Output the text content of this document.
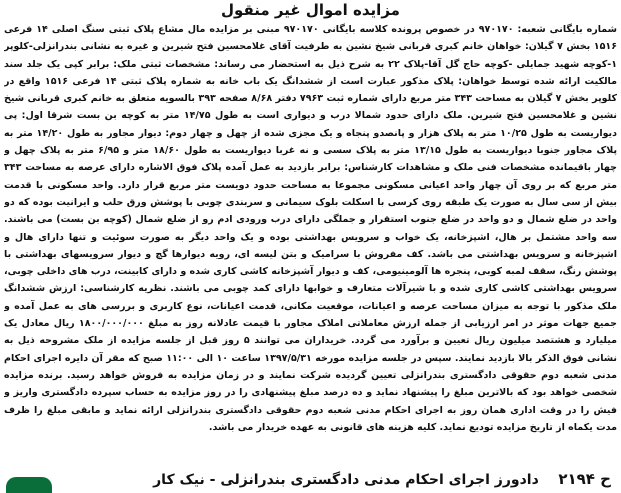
مزایده اموال غیر منقول

شماره بایگانی شعبه: ۹۷۰۱۷۰ در خصوص پرونده کلاسه بایگانی ۹۷۰۱۷۰ مبنی بر مزایده مال مشاع پلاک ثبتی سنگ اصلی ۱۴ فرعی ۱۵۱۶ بخش ۷ گیلان: خواهان خانم کبری قربانی شیخ نشین به طرفیت آقای غلامحسین فتح شیرین و غیره به نشانی بندرانزلی-کلوپر ۱-کوچه شهید جمایلی -کوچه حاج گل آقا-پلاک ۲۲ به شرح ذیل به استحضار می رساند: مشخصات ثبتی ملک: برابر کپی یک جلد سند مالکیت ارائه شده توسط خواهان: پلاک مذکور عبارت است از ششدانگ یک باب خانه به شماره پلاک ثبتی ۱۴ فرعی ۱۵۱۶ واقع در کلوپر بخش ۷ گیلان به مساحت ۳۴۳ متر مربع دارای شماره ثبت ۷۹۶۳ دفتر ۸/۶۸ صفحه ۳۹۳ بالسویه متعلق به خانم کبری قربانی شیخ نشین و غلامحسین فتح شیرین. ملک دارای حدود شمالا درب و دیواری است به طول ۱۴/۷۵ متر به کوچه بن بست شرقا اول: پی دیواریست به طول ۱۰/۲۵ متر به پلاک هزار و پانصدو پنجاه و یک مجزی شده از چهل و چهار دوم: دیوار مجاور به طول ۱۴/۲۰ متر به پلاک مجاور جنوبا دیواریست به طول ۱۳/۱۵ متر به پلاک سسی و نه غربا دیواریست به طول ۱۸/۶۰ متر و ۶/۹۵ متر به پلاک چهل و چهار باقیمانده مشخصات فنی ملک و مشاهدات کارشناس: برابر بازدید به عمل آمده پلاک فوق الاشاره دارای عرصه به مساحت ۳۴۳ متر مربع که بر روی آن چهار واحد اعیانی مسکونی مجموعا به مساحت حدود دویست متر مربع قرار دارد. واحد مسکونی با قدمت بیش از سی سال به صورت یک طبقه روی کرسی با اسکلت بلوک سیمانی و سربندی چوبی با پوشش ورق حلب و ایرانیت بوده که دو واحد در ضلع شمال و دو واحد در ضلع جنوب استقرار و جملگی دارای درب ورودی ادم رو از ضلع شمال (کوچه بن بست) می باشند. سه واحد مشتمل بر هال، اشپزخانه، یک خواب و سرویس بهداشتی بوده و یک واحد دیگر به صورت سوئیت و تنها دارای هال و اشپزخانه و سرویس بهداشتی می باشد. کف مفروش با سرامیک و بتن لیسه ای، رویه دیوارها گچ و دیوار سرویسهای بهداشتی با پوشش رنگ، سقف لمبه کوبی، پنجره ها آلومینیومی، کف و دیوار آشپزخانه کاشی کاری شده و دارای کابینت، درب های داخلی چوبی، سرویس بهداشتی کاشی کاری شده و با شیرآلات متعارف و خوابها دارای کمد چوبی می باشند. نظریه کارشناسی: ارزش ششدانگ ملک مذکور با توجه به میزان مساحت عرصه و اعیانات، موقعیت مکانی، قدمت اعیانات، نوع کاربری و بررسی های به عمل آمده و جمیع جهات موثر در امر ارزیابی از جمله ارزش معاملاتی املاک مجاور با قیمت عادلانه روز به مبلغ ۱۸۰۰/۰۰۰/۰۰۰ ریال معادل یک میلیارد و هشتصد میلیون ریال تعیین و برآورد می گردد. خریداران می توانند ۵ روز قبل از جلسه مزایده از ملک مشروحه ذیل به نشانی فوق الذکر بالا بازدید نمایند. سپس در جلسه مزایده مورخه ۱۳۹۷/۵/۳۱ ساعت ۱۰ الی ۱۱:۰۰ صبح که مقر آن دایره اجرای احکام مدنی شعبه دوم حقوقی دادگستری بندرانزلی تعیین گردیده شرکت نمایند و در زمان مزایده به فروش خواهد رسید. برنده مزایده شخصی خواهد بود که بالاترین مبلغ را پیشنهاد نماید و ده درصد مبلغ پیشنهادی را در روز مزایده به حساب سپرده دادگستری واریز و فیش را در وقت اداری همان روز به اجرای احکام مدنی شعبه دوم حقوقی دادگستری بندرانزلی ارائه نماید و مابقی مبلغ را ظرف مدت یکماه از تاریخ مزایده تودیع نماید. کلیه هزینه های قانونی به عهده خریدار می باشد.

ح ۲۱۹۴ دادورز اجرای احکام مدنی دادگستری بندرانزلی - نیک کار
